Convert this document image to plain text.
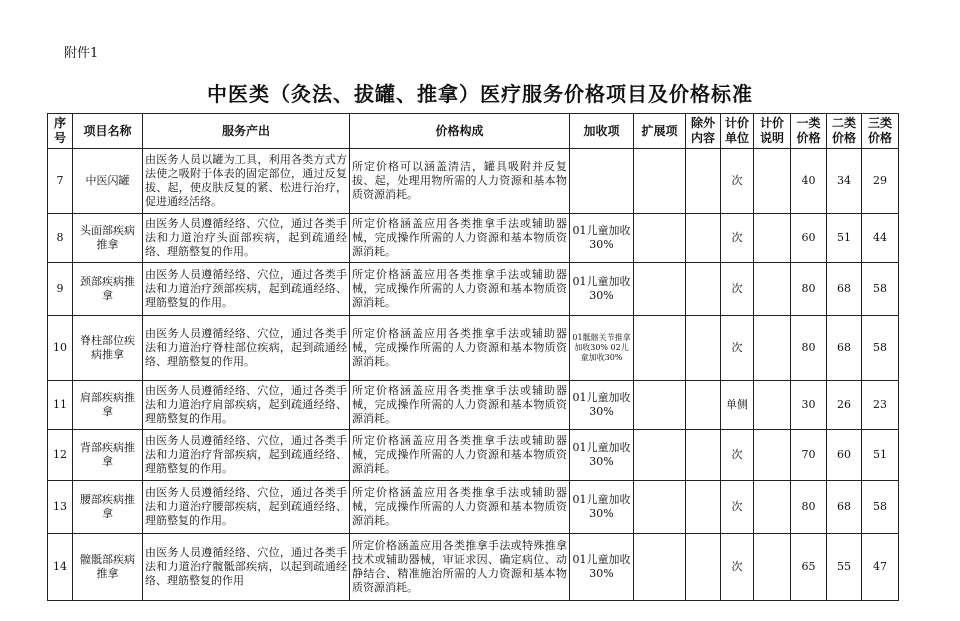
附件1
中医类（灸法、拔罐、推拿）医疗服务价格项目及价格标准
序号	项目名称	服务产出	价格构成	加收项	扩展项	除外内容	计价单位	计价说明	一类价格	二类价格	三类价格
7	中医闪罐	由医务人员以罐为工具，利用各类方式方法使之吸附于体表的固定部位，通过反复拔、起，使皮肤反复的紧、松进行治疗，促进通经活络。	所定价格可以涵盖清洁，罐具吸附并反复拔、起，处理用物所需的人力资源和基本物质资源消耗。				次		40	34	29
8	头面部疾病推拿	由医务人员遵循经络、穴位，通过各类手法和力道治疗头面部疾病，起到疏通经络、理筋整复的作用。	所定价格涵盖应用各类推拿手法或辅助器械，完成操作所需的人力资源和基本物质资源消耗。	01儿童加收30%			次		60	51	44
9	颈部疾病推拿	由医务人员遵循经络、穴位，通过各类手法和力道治疗颈部疾病，起到疏通经络、理筋整复的作用。	所定价格涵盖应用各类推拿手法或辅助器械，完成操作所需的人力资源和基本物质资源消耗。	01儿童加收30%			次		80	68	58
10	脊柱部位疾病推拿	由医务人员遵循经络、穴位，通过各类手法和力道治疗脊柱部位疾病，起到疏通经络、理筋整复的作用。	所定价格涵盖应用各类推拿手法或辅助器械，完成操作所需的人力资源和基本物质资源消耗。	01骶髂关节推拿加收30% 02儿童加收30%			次		80	68	58
11	肩部疾病推拿	由医务人员遵循经络、穴位，通过各类手法和力道治疗肩部疾病，起到疏通经络、理筋整复的作用。	所定价格涵盖应用各类推拿手法或辅助器械，完成操作所需的人力资源和基本物质资源消耗。	01儿童加收30%			单侧		30	26	23
12	背部疾病推拿	由医务人员遵循经络、穴位，通过各类手法和力道治疗背部疾病，起到疏通经络、理筋整复的作用。	所定价格涵盖应用各类推拿手法或辅助器械，完成操作所需的人力资源和基本物质资源消耗。	01儿童加收30%			次		70	60	51
13	腰部疾病推拿	由医务人员遵循经络、穴位，通过各类手法和力道治疗腰部疾病，起到疏通经络、理筋整复的作用。	所定价格涵盖应用各类推拿手法或辅助器械，完成操作所需的人力资源和基本物质资源消耗。	01儿童加收30%			次		80	68	58
14	髋骶部疾病推拿	由医务人员遵循经络、穴位，通过各类手法和力道治疗髋骶部疾病，以起到疏通经络、理筋整复的作用	所定价格涵盖应用各类推拿手法或特殊推拿技术或辅助器械，审证求因、确定病位、动静结合、精准施治所需的人力资源和基本物质资源消耗。	01儿童加收30%			次		65	55	47
